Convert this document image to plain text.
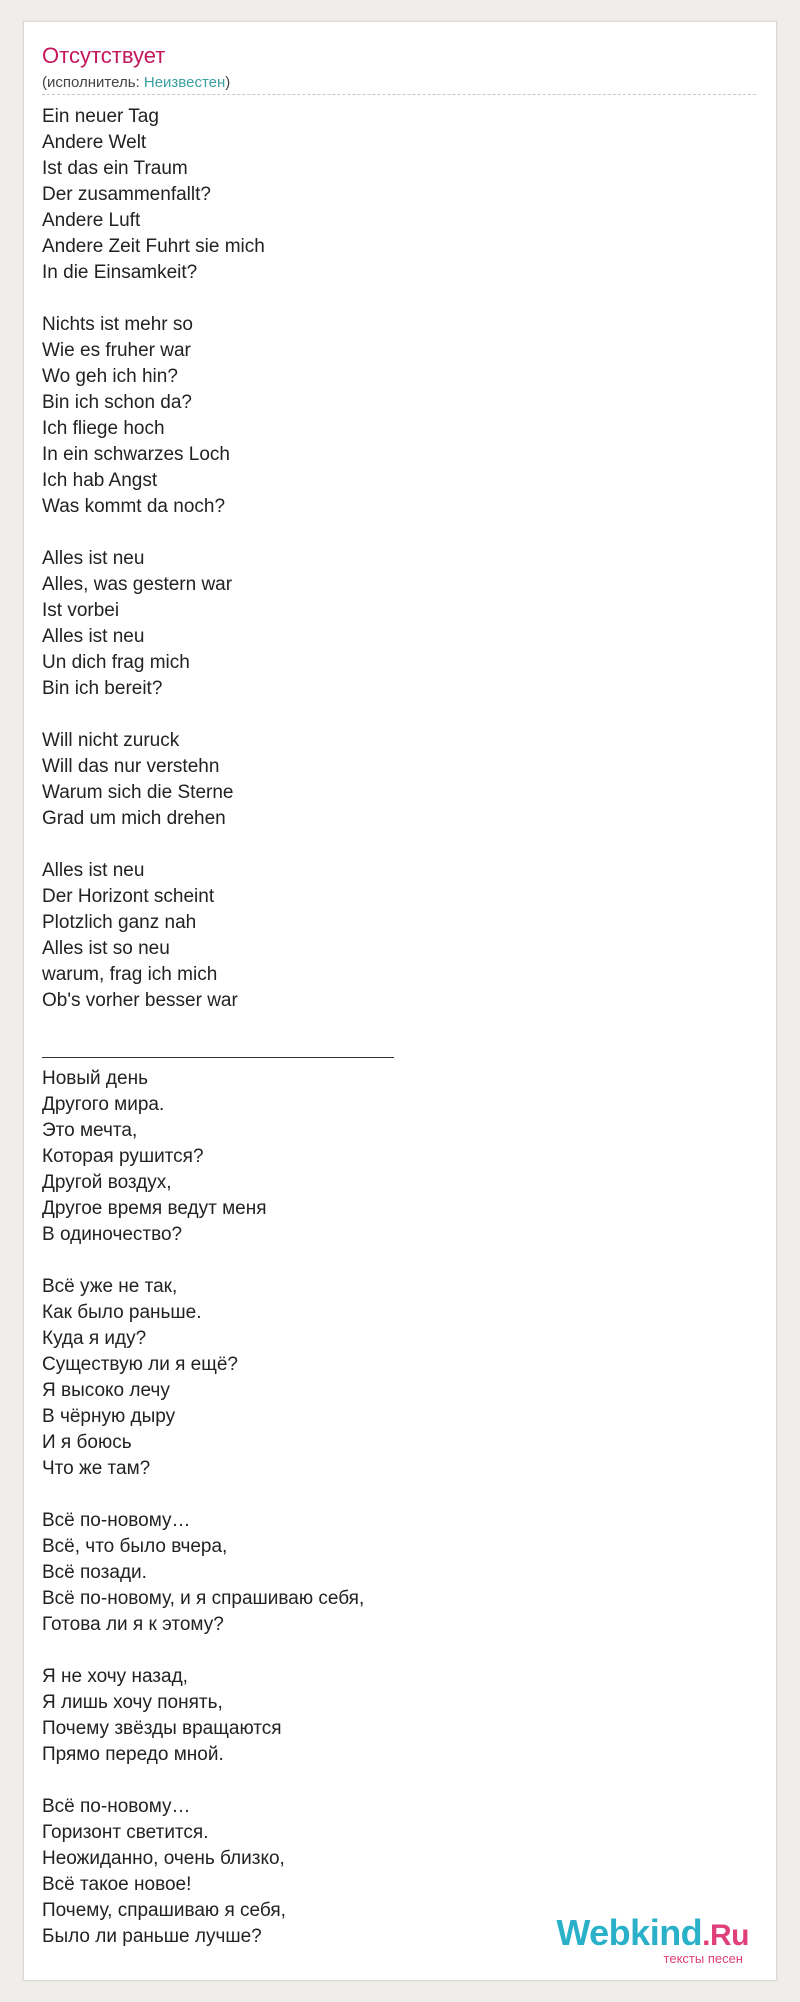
Отсутствует
(исполнитель: Неизвестен)
Ein neuer Tag
Andere Welt
Ist das ein Traum
Der zusammenfallt?
Andere Luft
Andere Zeit Fuhrt sie mich
In die Einsamkeit?
Nichts ist mehr so
Wie es fruher war
Wo geh ich hin?
Bin ich schon da?
Ich fliege hoch
In ein schwarzes Loch
Ich hab Angst
Was kommt da noch?
Alles ist neu
Alles, was gestern war
Ist vorbei
Alles ist neu
Un dich frag mich
Bin ich bereit?
Will nicht zuruck
Will das nur verstehn
Warum sich die Sterne
Grad um mich drehen
Alles ist neu
Der Horizont scheint
Plotzlich ganz nah
Alles ist so neu
warum, frag ich mich
Ob's vorher besser war
Новый день
Другого мира.
Это мечта,
Которая рушится?
Другой воздух,
Другое время ведут меня
В одиночество?
Всё уже не так,
Как было раньше.
Куда я иду?
Существую ли я ещё?
Я высоко лечу
В чёрную дыру
И я боюсь
Что же там?
Всё по-новому…
Всё, что было вчера,
Всё позади.
Всё по-новому, и я спрашиваю себя,
Готова ли я к этому?
Я не хочу назад,
Я лишь хочу понять,
Почему звёзды вращаются
Прямо передо мной.
Всё по-новому…
Горизонт светится.
Неожиданно, очень близко,
Всё такое новое!
Почему, спрашиваю я себя,
Было ли раньше лучше?	Webkind.Ru
тексты песен
